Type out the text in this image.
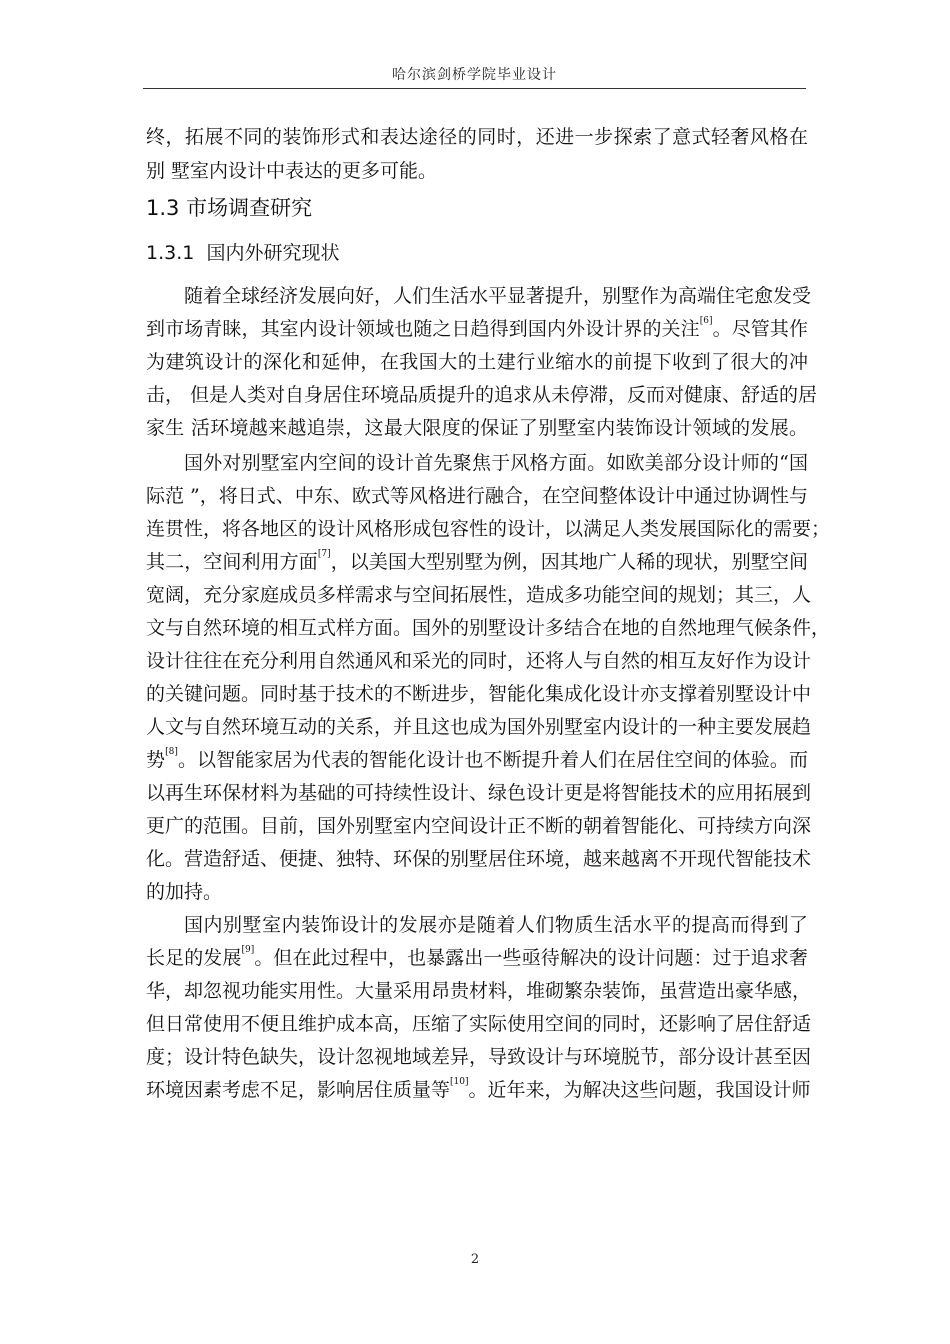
哈尔滨剑桥学院毕业设计
终，拓展不同的装饰形式和表达途径的同时，还进一步探索了意式轻奢风格在
别 墅室内设计中表达的更多可能。
1.3 市场调查研究
1.3.1 国内外研究现状
随着全球经济发展向好，人们生活水平显著提升，别墅作为高端住宅愈发受
到市场青睐，其室内设计领域也随之日趋得到国内外设计界的关注[6]。尽管其作
为建筑设计的深化和延伸，在我国大的土建行业缩水的前提下收到了很大的冲
击， 但是人类对自身居住环境品质提升的追求从未停滞，反而对健康、舒适的居
家生 活环境越来越追崇，这最大限度的保证了别墅室内装饰设计领域的发展。
国外对别墅室内空间的设计首先聚焦于风格方面。如欧美部分设计师的“国
际范 ”，将日式、中东、欧式等风格进行融合，在空间整体设计中通过协调性与
连贯性，将各地区的设计风格形成包容性的设计，以满足人类发展国际化的需要；
其二，空间利用方面[7]，以美国大型别墅为例，因其地广人稀的现状，别墅空间
宽阔，充分家庭成员多样需求与空间拓展性，造成多功能空间的规划；其三，人
文与自然环境的相互式样方面。国外的别墅设计多结合在地的自然地理气候条件，
设计往往在充分利用自然通风和采光的同时，还将人与自然的相互友好作为设计
的关键问题。同时基于技术的不断进步，智能化集成化设计亦支撑着别墅设计中
人文与自然环境互动的关系，并且这也成为国外别墅室内设计的一种主要发展趋
势[8]。以智能家居为代表的智能化设计也不断提升着人们在居住空间的体验。而
以再生环保材料为基础的可持续性设计、绿色设计更是将智能技术的应用拓展到
更广的范围。目前，国外别墅室内空间设计正不断的朝着智能化、可持续方向深
化。营造舒适、便捷、独特、环保的别墅居住环境，越来越离不开现代智能技术
的加持。
国内别墅室内装饰设计的发展亦是随着人们物质生活水平的提高而得到了
长足的发展[9]。但在此过程中，也暴露出一些亟待解决的设计问题：过于追求奢
华，却忽视功能实用性。大量采用昂贵材料，堆砌繁杂装饰，虽营造出豪华感，
但日常使用不便且维护成本高，压缩了实际使用空间的同时，还影响了居住舒适
度；设计特色缺失，设计忽视地域差异，导致设计与环境脱节，部分设计甚至因
环境因素考虑不足，影响居住质量等[10]。近年来，为解决这些问题，我国设计师
2
